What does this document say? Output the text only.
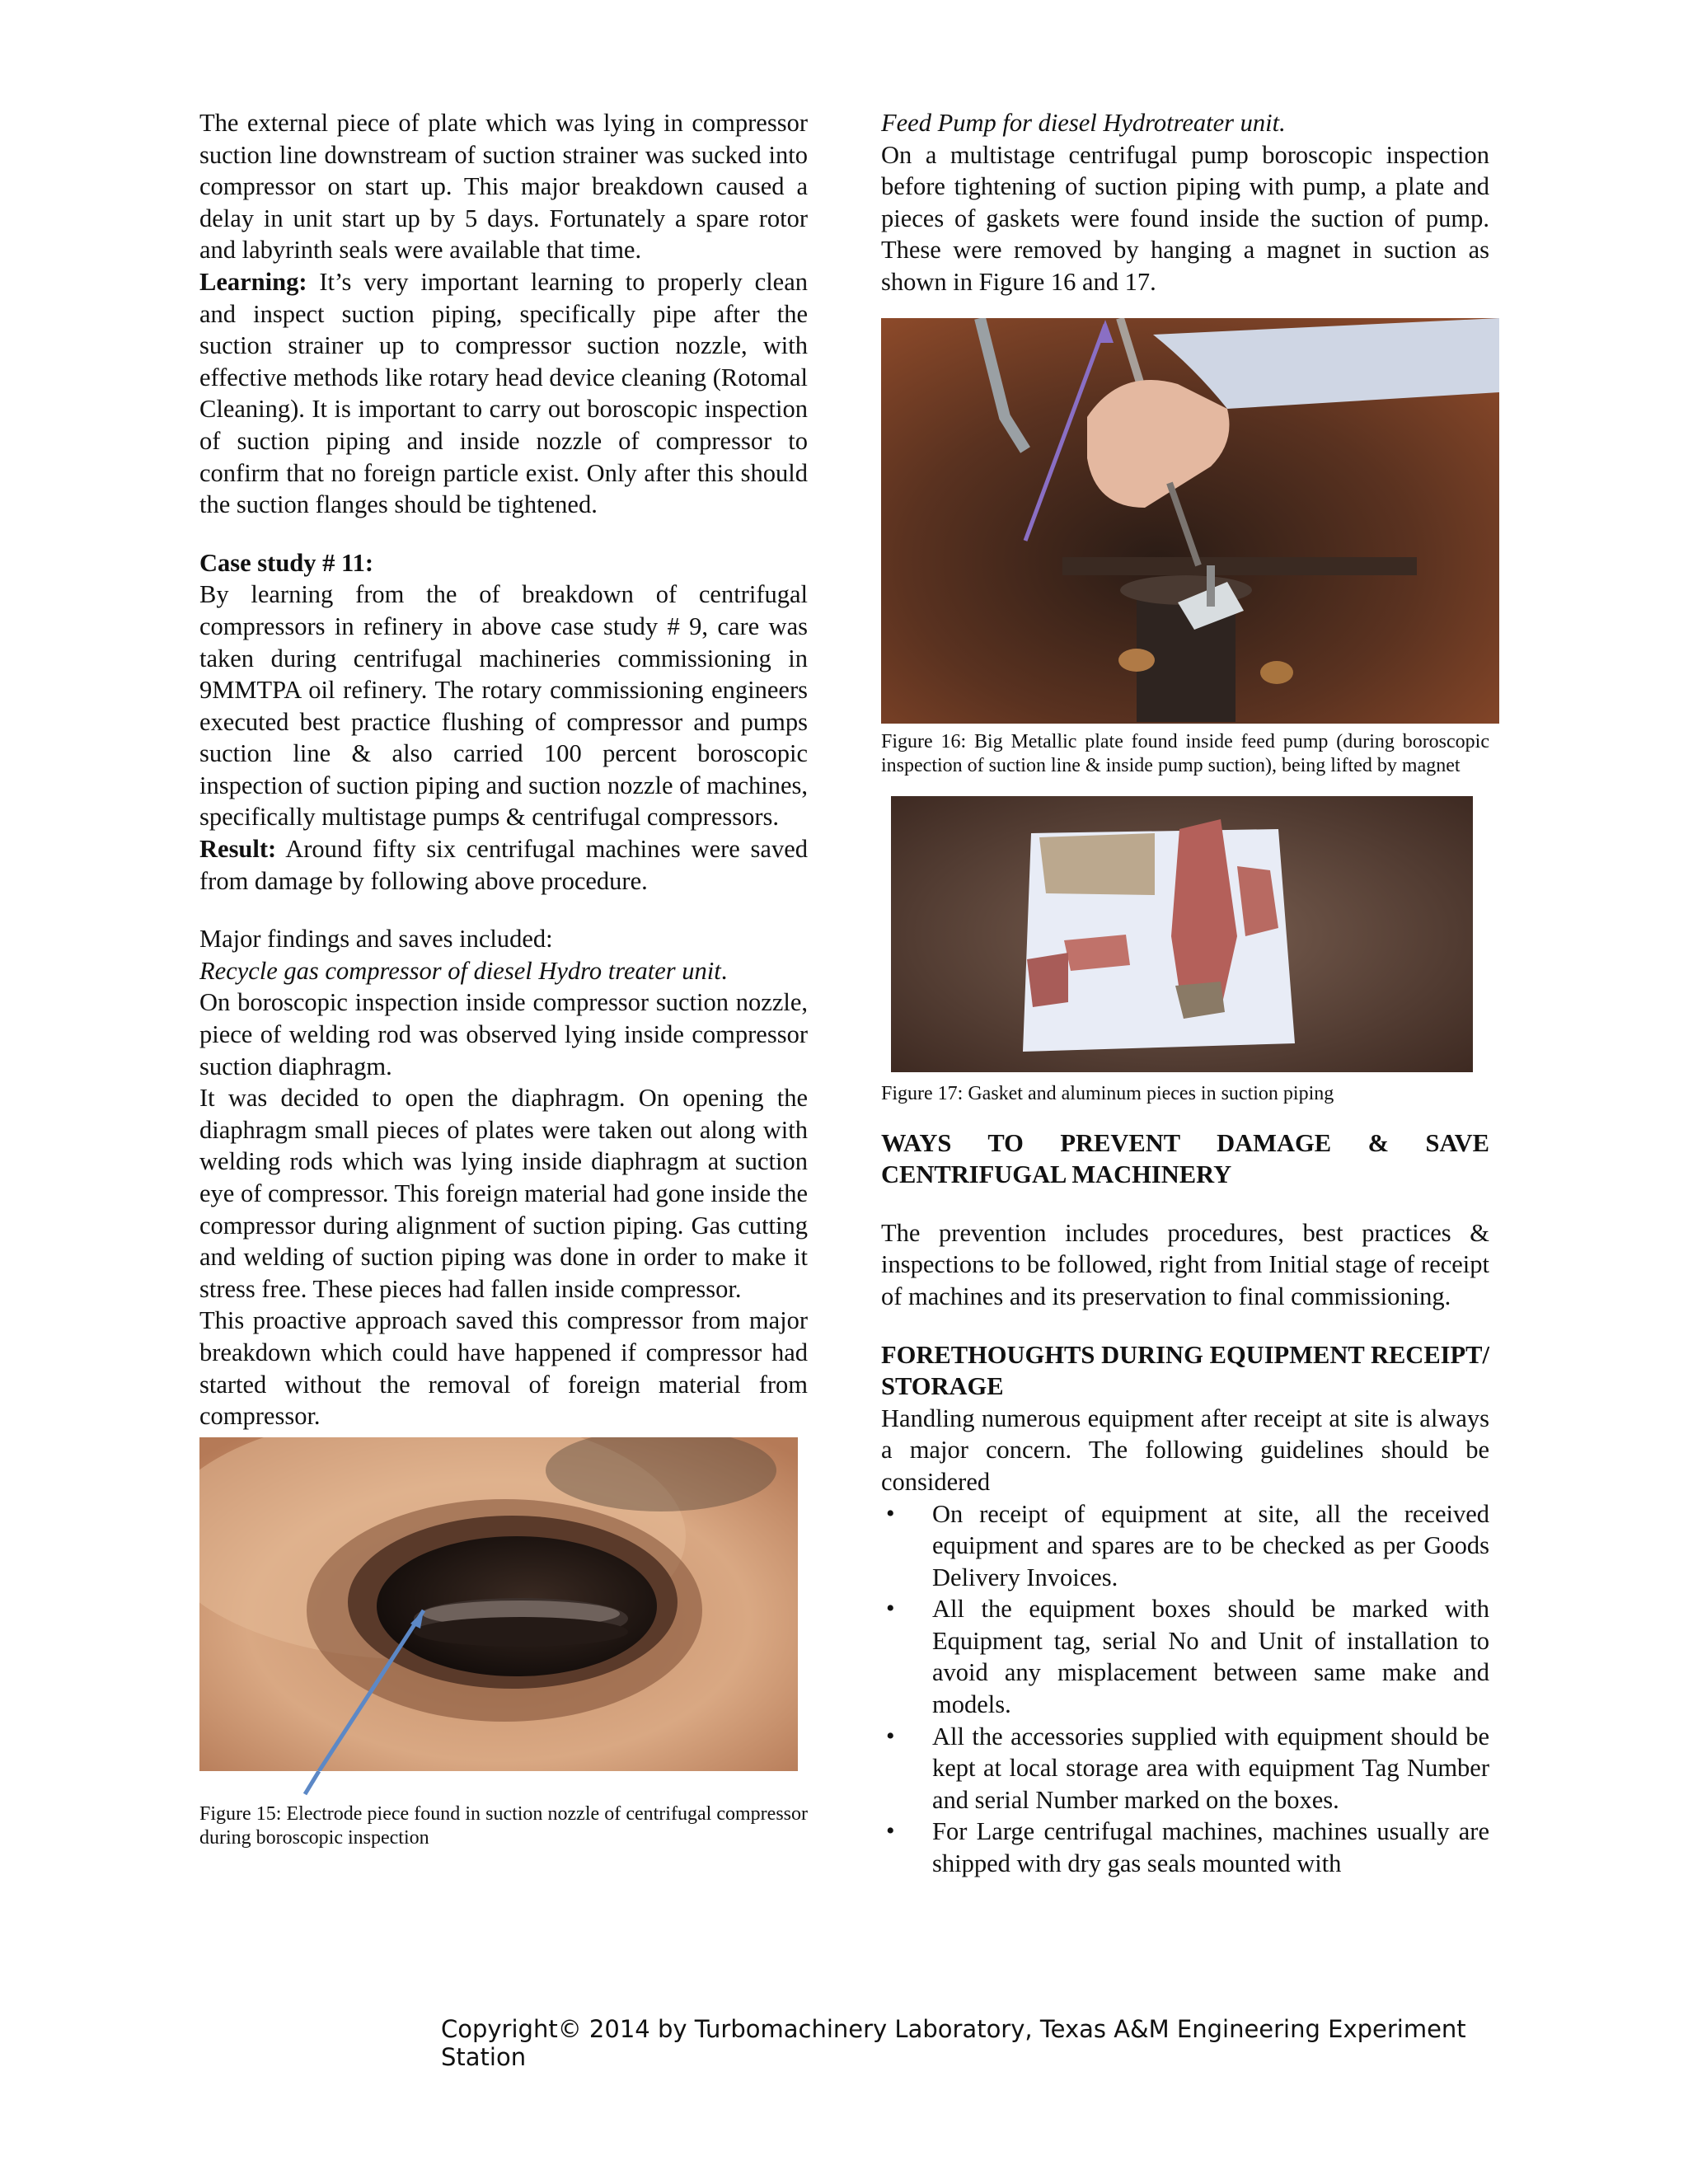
The external piece of plate which was lying in compressor suction line downstream of suction strainer was sucked into compressor on start up. This major breakdown caused a delay in unit start up by 5 days. Fortunately a spare rotor and labyrinth seals were available that time.

Learning: It’s very important learning to properly clean and inspect suction piping, specifically pipe after the suction strainer up to compressor suction nozzle, with effective methods like rotary head device cleaning (Rotomal Cleaning). It is important to carry out boroscopic inspection of suction piping and inside nozzle of compressor to confirm that no foreign particle exist. Only after this should the suction flanges should be tightened.

Case study # 11:

By learning from the of breakdown of centrifugal compressors in refinery in above case study # 9, care was taken during centrifugal machineries commissioning in 9MMTPA oil refinery. The rotary commissioning engineers executed best practice flushing of compressor and pumps suction line & also carried 100 percent boroscopic inspection of suction piping and suction nozzle of machines, specifically multistage pumps & centrifugal compressors.

Result: Around fifty six centrifugal machines were saved from damage by following above procedure.

Major findings and saves included:

Recycle gas compressor of diesel Hydro treater unit.

On boroscopic inspection inside compressor suction nozzle, piece of welding rod was observed lying inside compressor suction diaphragm.

It was decided to open the diaphragm. On opening the diaphragm small pieces of plates were taken out along with welding rods which was lying inside diaphragm at suction eye of compressor. This foreign material had gone inside the compressor during alignment of suction piping. Gas cutting and welding of suction piping was done in order to make it stress free. These pieces had fallen inside compressor.

This proactive approach saved this compressor from major breakdown which could have happened if compressor had started without the removal of foreign material from compressor.

Figure 15: Electrode piece found in suction nozzle of centrifugal compressor during boroscopic inspection

Feed Pump for diesel Hydrotreater unit.

On a multistage centrifugal pump boroscopic inspection before tightening of suction piping with pump, a plate and pieces of gaskets were found inside the suction of pump. These were removed by hanging a magnet in suction as shown in Figure 16 and 17.

Figure 16: Big Metallic plate found inside feed pump (during boroscopic inspection of suction line & inside pump suction), being lifted by magnet

Figure 17: Gasket and aluminum pieces in suction piping

WAYS TO PREVENT DAMAGE & SAVE CENTRIFUGAL MACHINERY

The prevention includes procedures, best practices & inspections to be followed, right from Initial stage of receipt of machines and its preservation to final commissioning.

FORETHOUGHTS DURING EQUIPMENT RECEIPT/ STORAGE

Handling numerous equipment after receipt at site is always a major concern. The following guidelines should be considered

• On receipt of equipment at site, all the received equipment and spares are to be checked as per Goods Delivery Invoices.
• All the equipment boxes should be marked with Equipment tag, serial No and Unit of installation to avoid any misplacement between same make and models.
• All the accessories supplied with equipment should be kept at local storage area with equipment Tag Number and serial Number marked on the boxes.
• For Large centrifugal machines, machines usually are shipped with dry gas seals mounted with
Copyright© 2014 by Turbomachinery Laboratory, Texas A&M Engineering Experiment Station
